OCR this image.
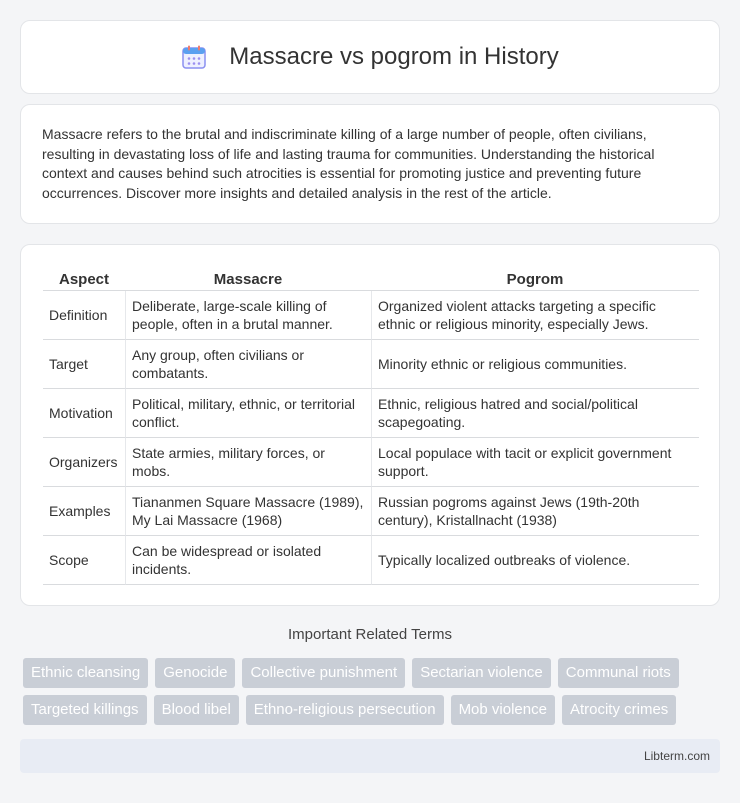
Massacre vs pogrom in History

Massacre refers to the brutal and indiscriminate killing of a large number of people, often civilians, resulting in devastating loss of life and lasting trauma for communities. Understanding the historical context and causes behind such atrocities is essential for promoting justice and preventing future occurrences. Discover more insights and detailed analysis in the rest of the article.

Aspect	Massacre	Pogrom
Definition	Deliberate, large-scale killing of people, often in a brutal manner.	Organized violent attacks targeting a specific ethnic or religious minority, especially Jews.
Target	Any group, often civilians or combatants.	Minority ethnic or religious communities.
Motivation	Political, military, ethnic, or territorial conflict.	Ethnic, religious hatred and social/political scapegoating.
Organizers	State armies, military forces, or mobs.	Local populace with tacit or explicit government support.
Examples	Tiananmen Square Massacre (1989), My Lai Massacre (1968)	Russian pogroms against Jews (19th-20th century), Kristallnacht (1938)
Scope	Can be widespread or isolated incidents.	Typically localized outbreaks of violence.
Important Related Terms
Ethnic cleansing	Genocide	Collective punishment	Sectarian violence	Communal riots
Targeted killings	Blood libel	Ethno-religious persecution	Mob violence	Atrocity crimes
Libterm.com
